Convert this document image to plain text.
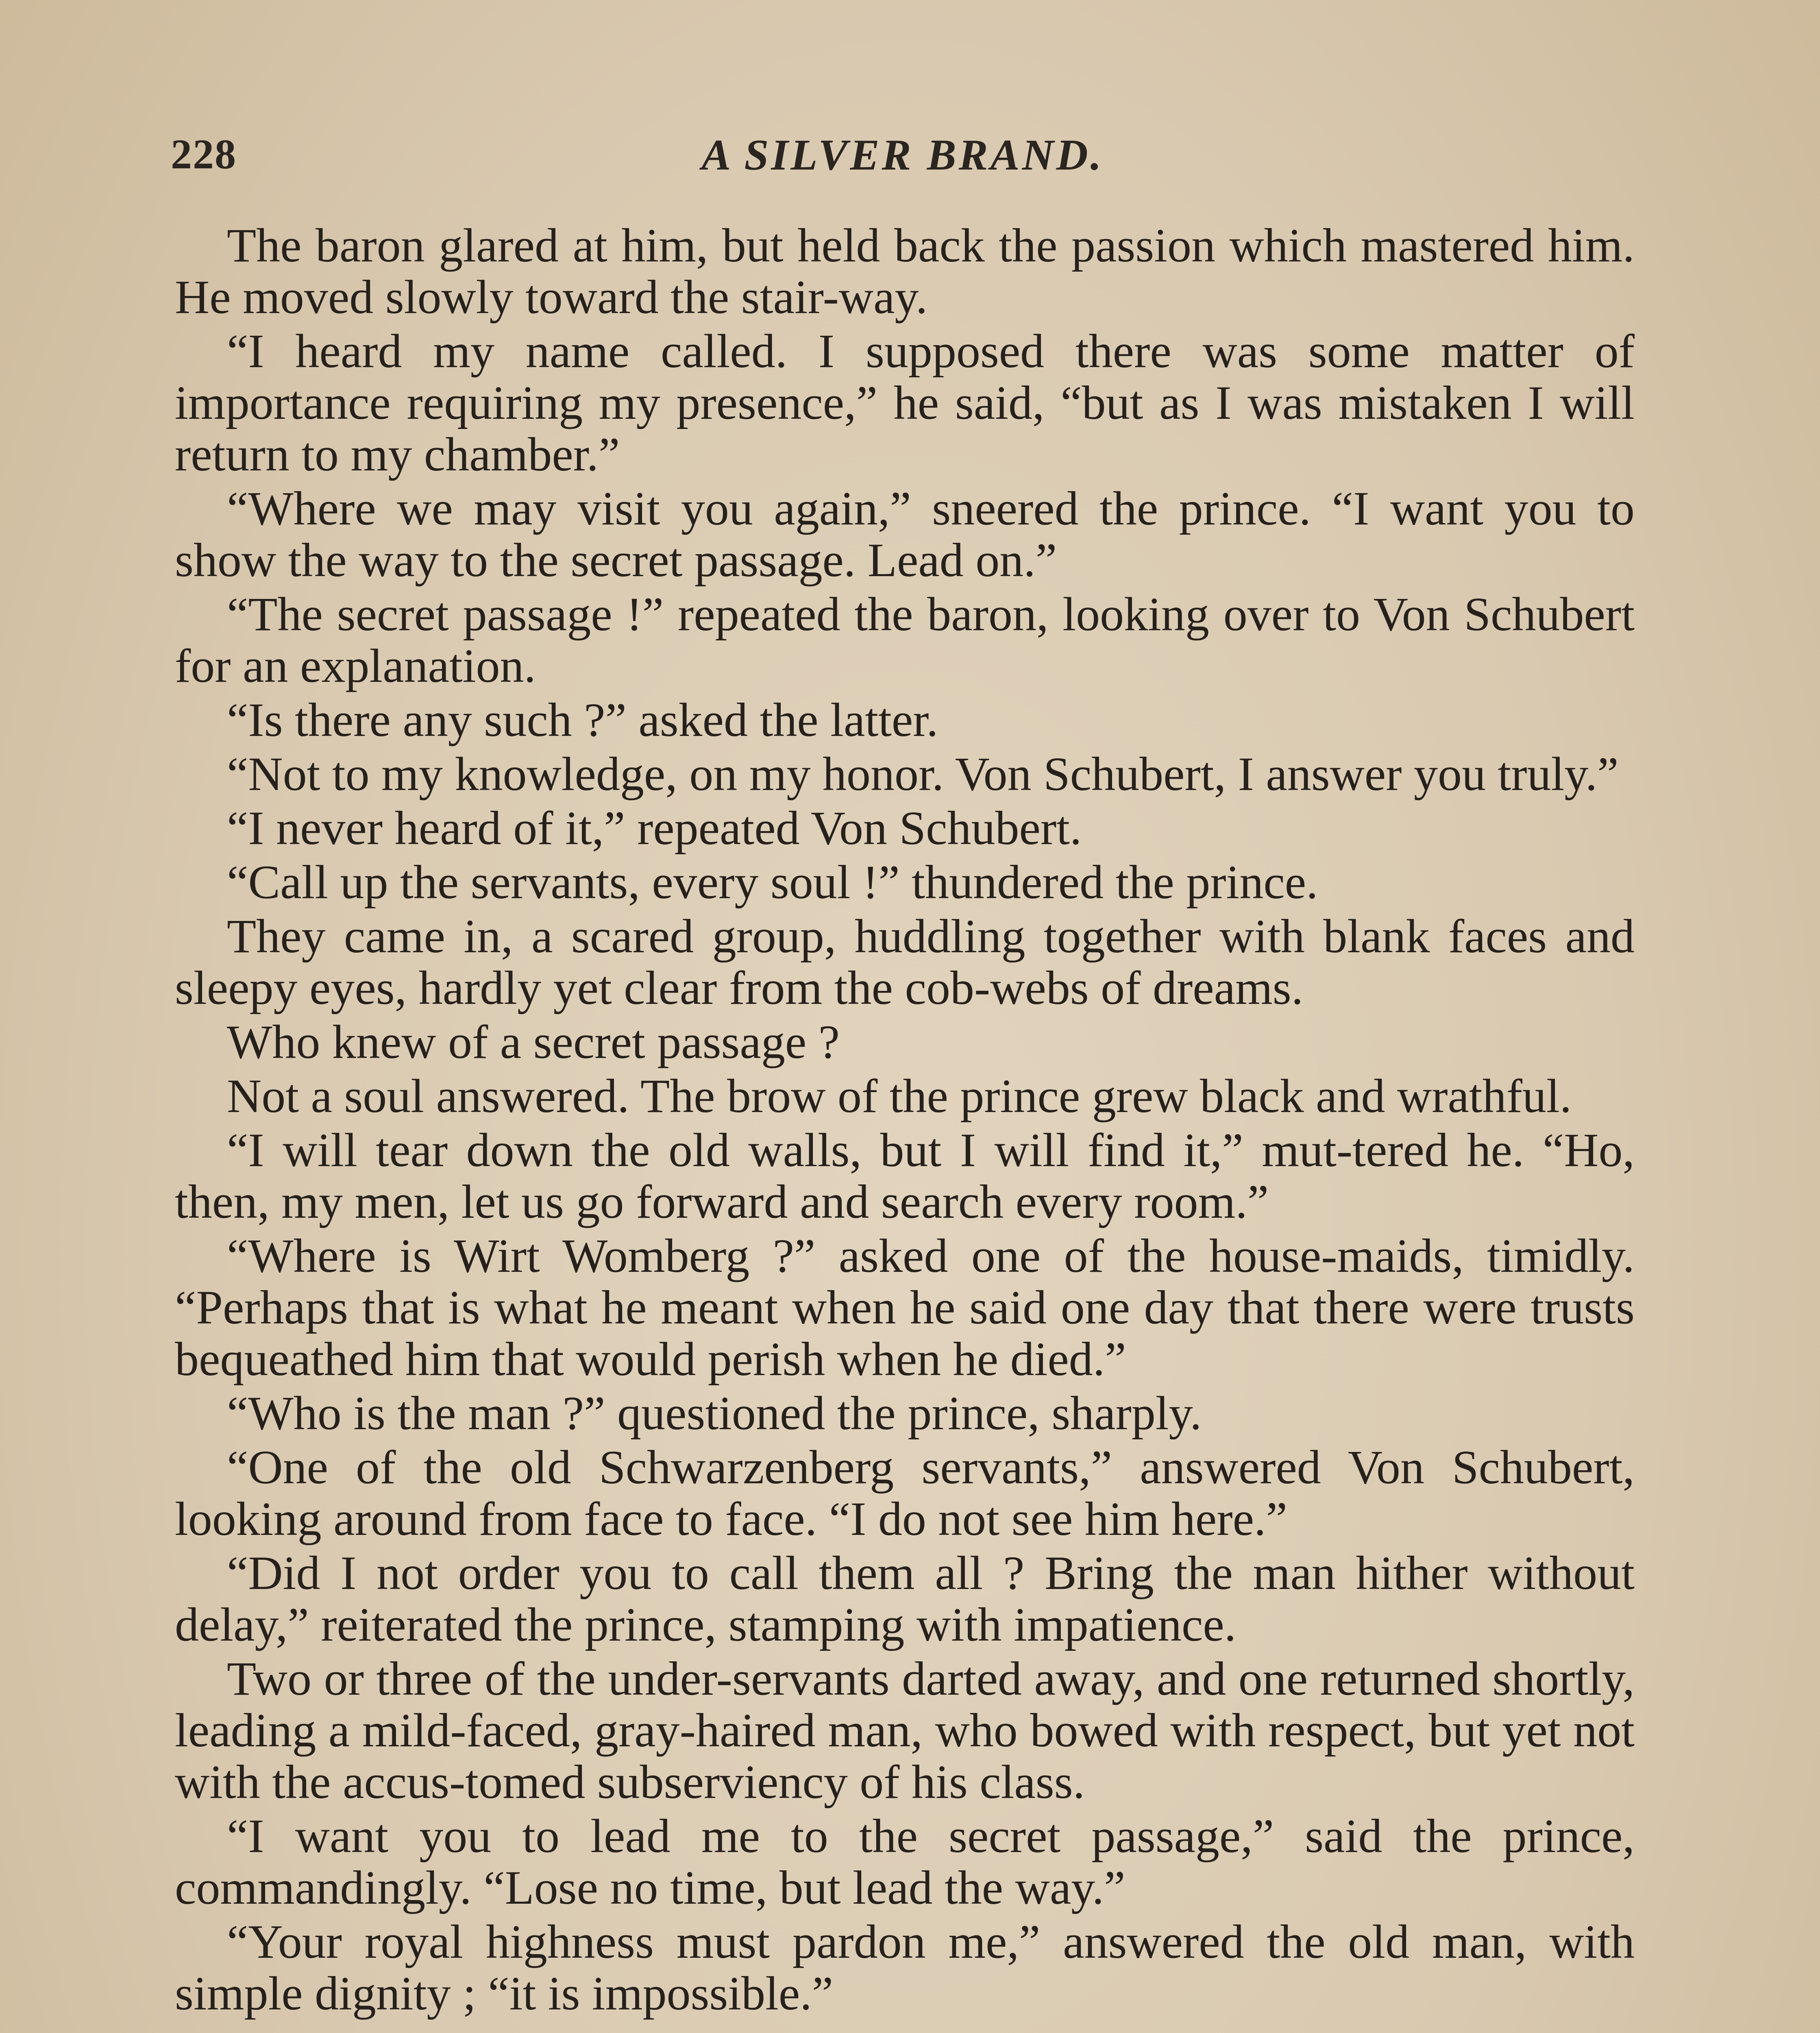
228	A SILVER BRAND.

The baron glared at him, but held back the passion which mastered him. He moved slowly toward the stair-way.

“I heard my name called. I supposed there was some matter of importance requiring my presence,” he said, “but as I was mistaken I will return to my chamber.”

“Where we may visit you again,” sneered the prince. “I want you to show the way to the secret passage. Lead on.”

“The secret passage !” repeated the baron, looking over to Von Schubert for an explanation.

“Is there any such ?” asked the latter.

“Not to my knowledge, on my honor. Von Schubert, I answer you truly.”

“I never heard of it,” repeated Von Schubert.

“Call up the servants, every soul !” thundered the prince.

They came in, a scared group, huddling together with blank faces and sleepy eyes, hardly yet clear from the cob-webs of dreams.

Who knew of a secret passage ?

Not a soul answered. The brow of the prince grew black and wrathful.

“I will tear down the old walls, but I will find it,” mut-tered he. “Ho, then, my men, let us go forward and search every room.”

“Where is Wirt Womberg ?” asked one of the house-maids, timidly. “Perhaps that is what he meant when he said one day that there were trusts bequeathed him that would perish when he died.”

“Who is the man ?” questioned the prince, sharply.

“One of the old Schwarzenberg servants,” answered Von Schubert, looking around from face to face. “I do not see him here.”

“Did I not order you to call them all ? Bring the man hither without delay,” reiterated the prince, stamping with impatience.

Two or three of the under-servants darted away, and one returned shortly, leading a mild-faced, gray-haired man, who bowed with respect, but yet not with the accus-tomed subserviency of his class.

“I want you to lead me to the secret passage,” said the prince, commandingly. “Lose no time, but lead the way.”

“Your royal highness must pardon me,” answered the old man, with simple dignity ; “it is impossible.”
